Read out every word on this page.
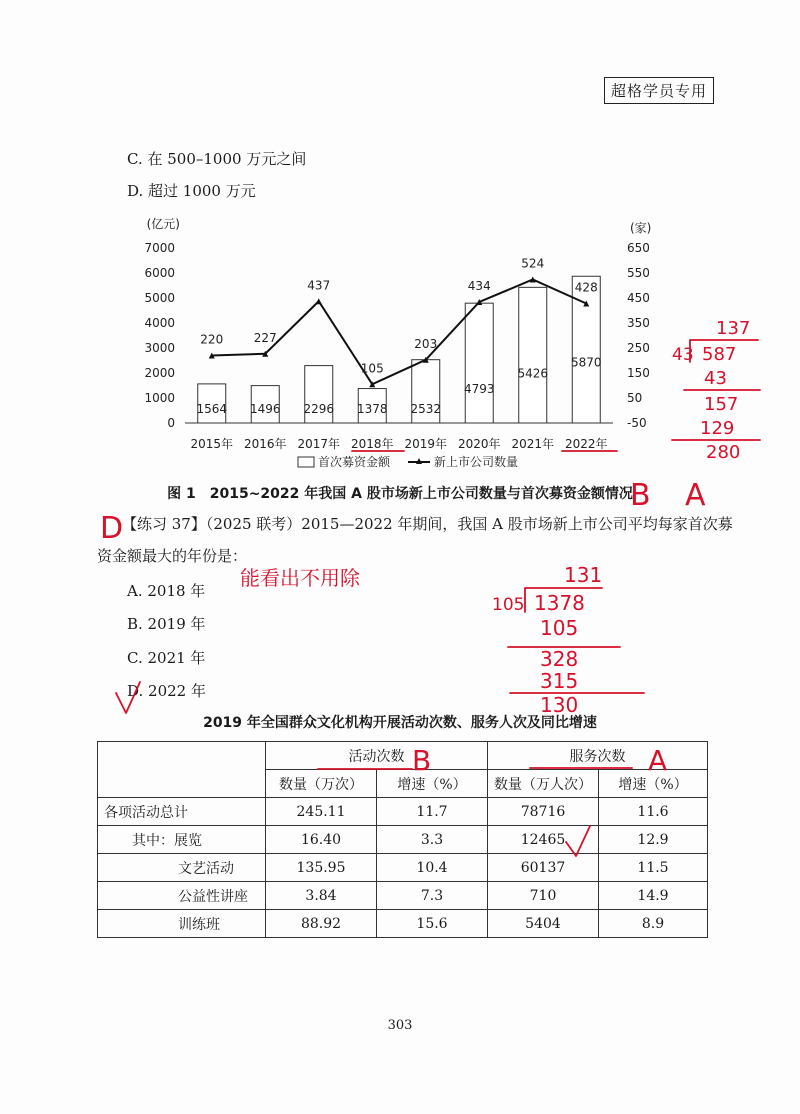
超格学员专用
C. 在 500–1000 万元之间
D. 超过 1000 万元
(亿元)	(家)
7000
6000
5000
4000
3000
2000
1000
0
650
550
450
350
250
150
50
-50
1564 1496 2296 1378 2532
4793
5426
5870
2015年 2016年 2017年 2018年 2019年 2020年 2021年 2022年
220	227
437
105
203
434
524
428
首次募资金额	新上市公司数量
图 1　2015~2022 年我国 A 股市场新上市公司数量与首次募资金额情况
【练习 37】（2025 联考）2015—2022 年期间，我国 A 股市场新上市公司平均每家首次募
资金额最大的年份是：
A. 2018 年
B. 2019 年
C. 2021 年
D. 2022 年
2019 年全国群众文化机构开展活动次数、服务人次及同比增速
	活动次数		服务次数	
	数量（万次）	增速（%）	数量（万人次）	增速（%）
各项活动总计	245.11	11.7	78716	11.6
其中：展览	16.40	3.3	12465	12.9
文艺活动	135.95	10.4	60137	11.5
公益性讲座	3.84	7.3	710	14.9
训练班	88.92	15.6	5404	8.9
303
B A
D
能看出不用除
137
43 587
43
157
129
280
131
105 1378
105
328
315
130
B	A
